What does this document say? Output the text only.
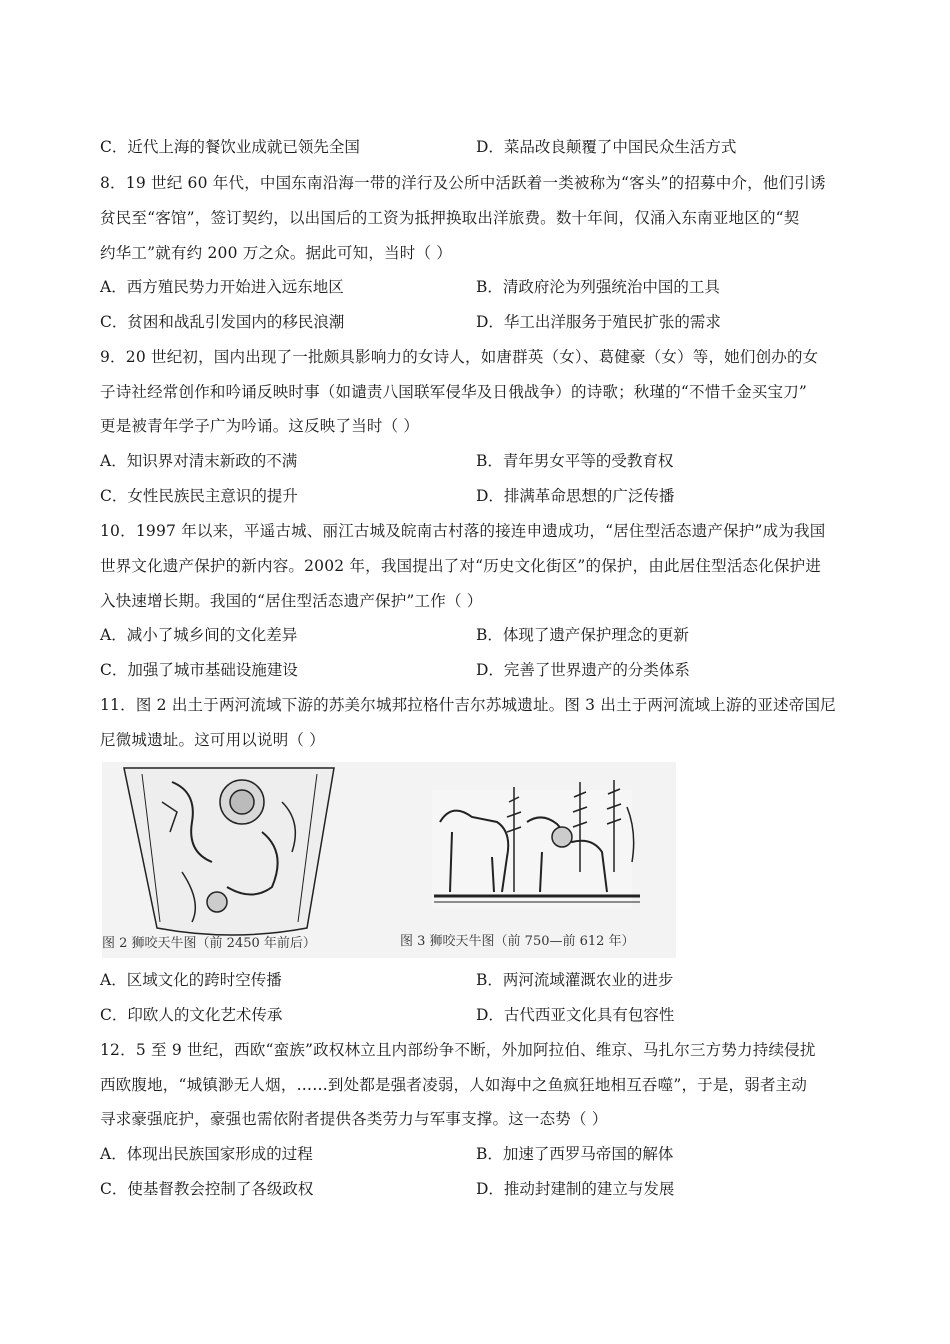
C．近代上海的餐饮业成就已领先全国	D．菜品改良颠覆了中国民众生活方式
8．19 世纪 60 年代，中国东南沿海一带的洋行及公所中活跃着一类被称为“客头”的招募中介，他们引诱
贫民至“客馆”，签订契约，以出国后的工资为抵押换取出洋旅费。数十年间，仅涌入东南亚地区的“契
约华工”就有约 200 万之众。据此可知，当时（ ）
A．西方殖民势力开始进入远东地区	B．清政府沦为列强统治中国的工具
C．贫困和战乱引发国内的移民浪潮	D．华工出洋服务于殖民扩张的需求
9．20 世纪初，国内出现了一批颇具影响力的女诗人，如唐群英（女）、葛健豪（女）等，她们创办的女
子诗社经常创作和吟诵反映时事（如谴责八国联军侵华及日俄战争）的诗歌；秋瑾的“不惜千金买宝刀”
更是被青年学子广为吟诵。这反映了当时（ ）
A．知识界对清末新政的不满	B．青年男女平等的受教育权
C．女性民族民主意识的提升	D．排满革命思想的广泛传播
10．1997 年以来，平遥古城、丽江古城及皖南古村落的接连申遗成功，“居住型活态遗产保护”成为我国
世界文化遗产保护的新内容。2002 年，我国提出了对“历史文化街区”的保护，由此居住型活态化保护进
入快速增长期。我国的“居住型活态遗产保护”工作（ ）
A．减小了城乡间的文化差异	B．体现了遗产保护理念的更新
C．加强了城市基础设施建设	D．完善了世界遗产的分类体系
11．图 2 出土于两河流域下游的苏美尔城邦拉格什吉尔苏城遗址。图 3 出土于两河流域上游的亚述帝国尼
尼微城遗址。这可用以说明（ ）
图 2 狮咬天牛图（前 2450 年前后）	图 3 狮咬天牛图（前 750—前 612 年）
A．区域文化的跨时空传播	B．两河流域灌溉农业的进步
C．印欧人的文化艺术传承	D．古代西亚文化具有包容性
12．5 至 9 世纪，西欧“蛮族”政权林立且内部纷争不断，外加阿拉伯、维京、马扎尔三方势力持续侵扰
西欧腹地，“城镇渺无人烟，……到处都是强者凌弱，人如海中之鱼疯狂地相互吞噬”，于是，弱者主动
寻求豪强庇护，豪强也需依附者提供各类劳力与军事支撑。这一态势（ ）
A．体现出民族国家形成的过程	B．加速了西罗马帝国的解体
C．使基督教会控制了各级政权	D．推动封建制的建立与发展
